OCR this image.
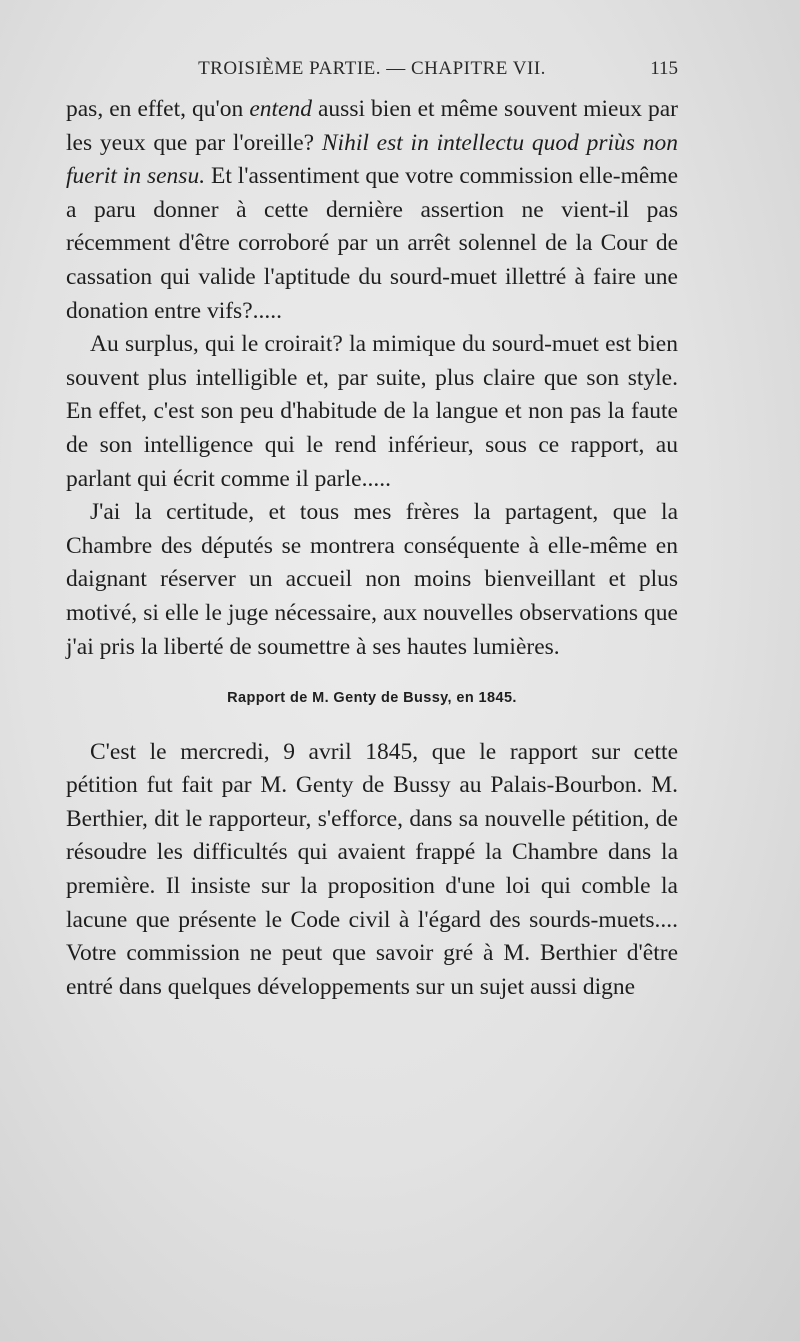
TROISIÈME PARTIE. — CHAPITRE VII.	115

pas, en effet, qu'on entend aussi bien et même souvent mieux par les yeux que par l'oreille? Nihil est in intellectu quod priùs non fuerit in sensu. Et l'assentiment que votre commission elle-même a paru donner à cette dernière assertion ne vient-il pas récemment d'être corroboré par un arrêt solennel de la Cour de cassation qui valide l'aptitude du sourd-muet illettré à faire une donation entre vifs?.....

Au surplus, qui le croirait? la mimique du sourd-muet est bien souvent plus intelligible et, par suite, plus claire que son style. En effet, c'est son peu d'habitude de la langue et non pas la faute de son intelligence qui le rend inférieur, sous ce rapport, au parlant qui écrit comme il parle.....

J'ai la certitude, et tous mes frères la partagent, que la Chambre des députés se montrera conséquente à elle-même en daignant réserver un accueil non moins bienveillant et plus motivé, si elle le juge nécessaire, aux nouvelles observations que j'ai pris la liberté de soumettre à ses hautes lumières.

Rapport de M. Genty de Bussy, en 1845.

C'est le mercredi, 9 avril 1845, que le rapport sur cette pétition fut fait par M. Genty de Bussy au Palais-Bourbon. M. Berthier, dit le rapporteur, s'efforce, dans sa nouvelle pétition, de résoudre les difficultés qui avaient frappé la Chambre dans la première. Il insiste sur la proposition d'une loi qui comble la lacune que présente le Code civil à l'égard des sourds-muets.... Votre commission ne peut que savoir gré à M. Berthier d'être entré dans quelques développements sur un sujet aussi digne
